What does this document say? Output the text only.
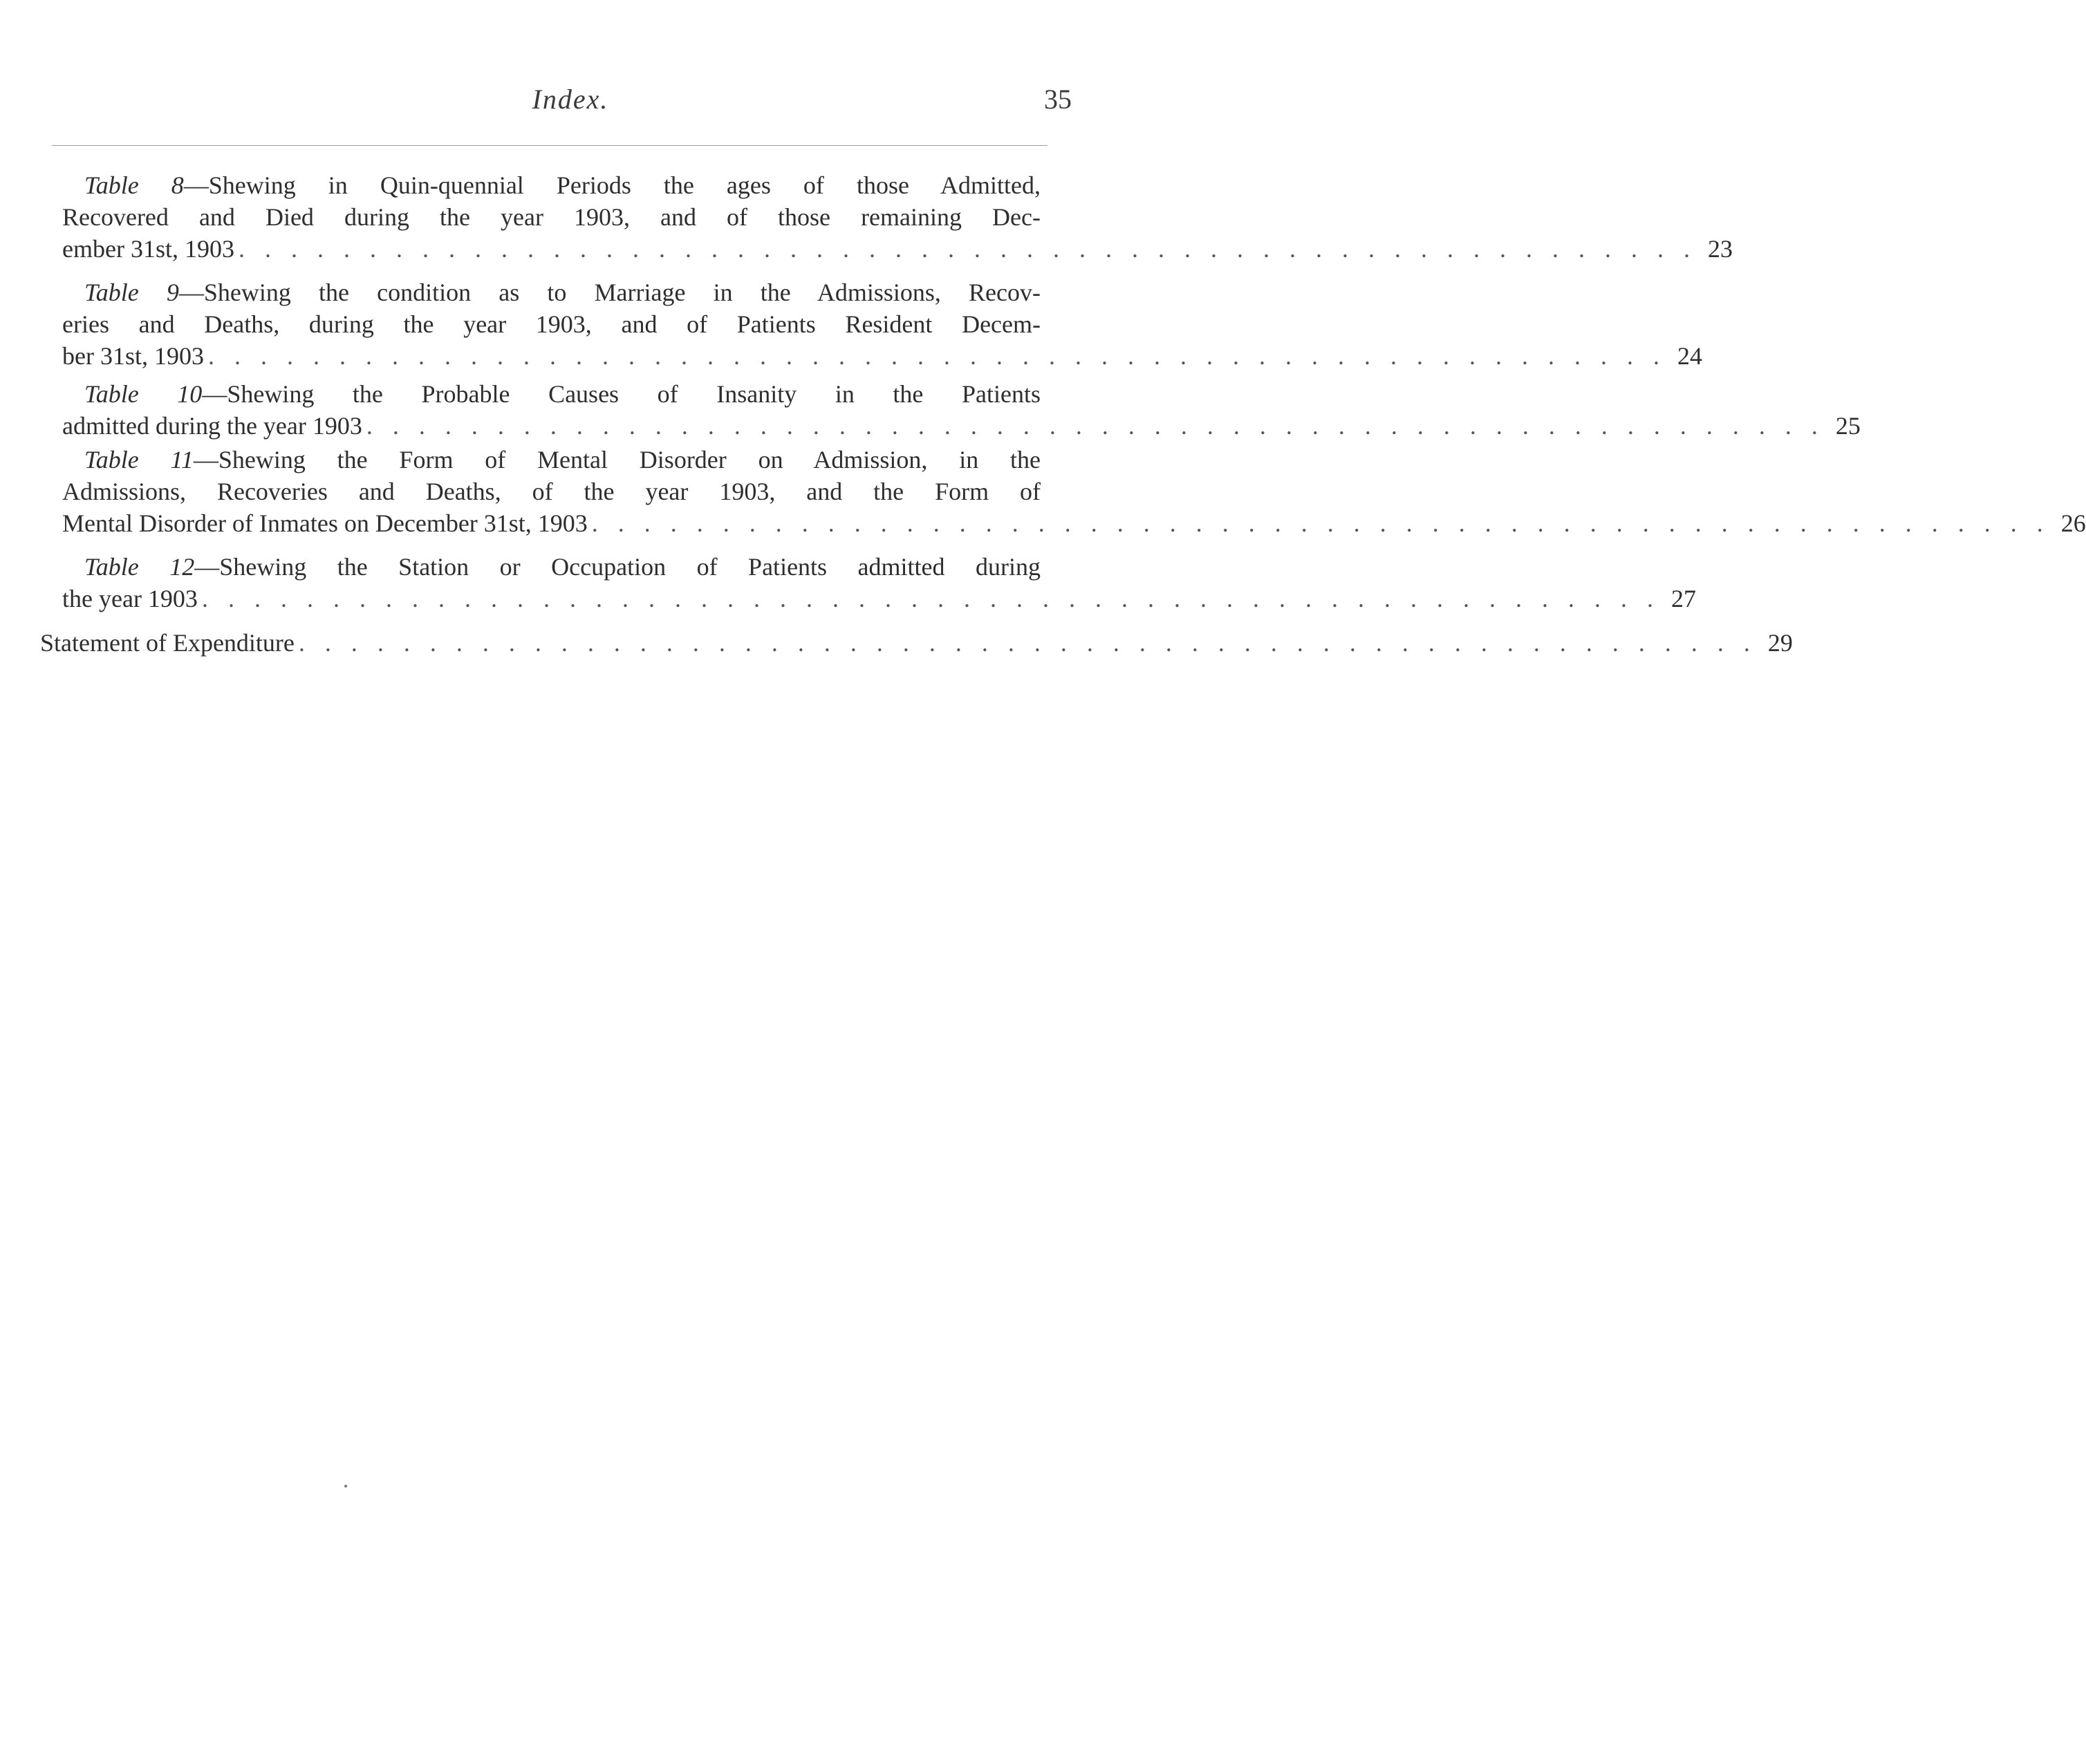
Index.	35
Table 8—Shewing in Quin-quennial Periods the ages of those Admitted,
Recovered and Died during the year 1903, and of those remaining Dec-
ember 31st, 1903 . . . . . . . . . . . . . . . . . . . . . . . . . . . . . . . . . . . . . . . . . . . . . . . . . . . . . . . . 23
Table 9—Shewing the condition as to Marriage in the Admissions, Recov-
eries and Deaths, during the year 1903, and of Patients Resident Decem-
ber 31st, 1903 . . . . . . . . . . . . . . . . . . . . . . . . . . . . . . . . . . . . . . . . . . . . . . . . . . . . . . . . 24
Table 10—Shewing the Probable Causes of Insanity in the Patients
admitted during the year 1903 . . . . . . . . . . . . . . . . . . . . . . . . . . . . . . . . . . . . . . . . . . . . . . . . . . . . . . . . 25
Table 11—Shewing the Form of Mental Disorder on Admission, in the
Admissions, Recoveries and Deaths, of the year 1903, and the Form of
Mental Disorder of Inmates on December 31st, 1903 . . . . . . . . . . . . . . . . . . . . . . . . . . . . . . . . . . . . . . . . . . . . . . . . . . . . . . . . 26
Table 12—Shewing the Station or Occupation of Patients admitted during
the year 1903 . . . . . . . . . . . . . . . . . . . . . . . . . . . . . . . . . . . . . . . . . . . . . . . . . . . . . . . . 27
Statement of Expenditure . . . . . . . . . . . . . . . . . . . . . . . . . . . . . . . . . . . . . . . . . . . . . . . . . . . . . . . . 29
